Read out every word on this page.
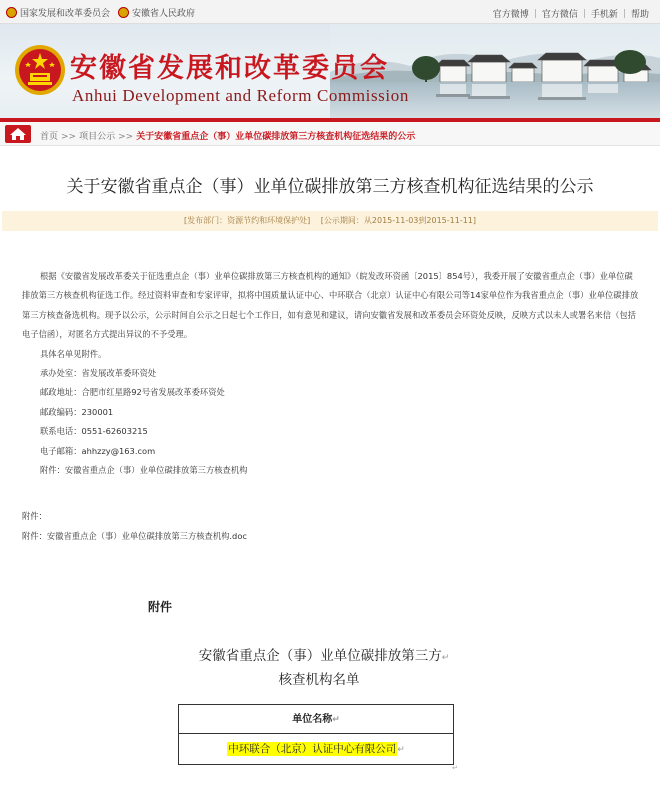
国家发展和改革委员会 安徽省人民政府	官方微博 | 官方微信 | 手机新 | 帮助
安徽省发展和改革委员会
Anhui Development and Reform Commission
首页 >> 项目公示 >> 关于安徽省重点企（事）业单位碳排放第三方核查机构征选结果的公示
关于安徽省重点企（事）业单位碳排放第三方核查机构征选结果的公示
[发布部门：资源节约和环境保护处] [公示期间：从2015-11-03到2015-11-11]

根据《安徽省发展改革委关于征选重点企（事）业单位碳排放第三方核查机构的通知》（皖发改环资函〔2015〕854号），我委开展了安徽省重点企（事）业单位碳排放第三方核查机构征选工作。经过资料审查和专家评审，拟将中国质量认证中心、中环联合（北京）认证中心有限公司等14家单位作为我省重点企（事）业单位碳排放第三方核查备选机构。现予以公示，公示时间自公示之日起七个工作日，如有意见和建议，请向安徽省发展和改革委员会环资处反映，反映方式以未人或署名来信（包括电子信函），对匿名方式提出异议的不予受理。

具体名单见附件。

承办处室：省发展改革委环资处

邮政地址：合肥市红星路92号省发展改革委环资处

邮政编码：230001

联系电话：0551-62603215

电子邮箱：ahhzzy@163.com

附件：安徽省重点企（事）业单位碳排放第三方核查机构

附件：
附件：安徽省重点企（事）业单位碳排放第三方核查机构.doc
附件
安徽省重点企（事）业单位碳排放第三方↵
核查机构名单
单位名称↵
中环联合（北京）认证中心有限公司↵
↵
